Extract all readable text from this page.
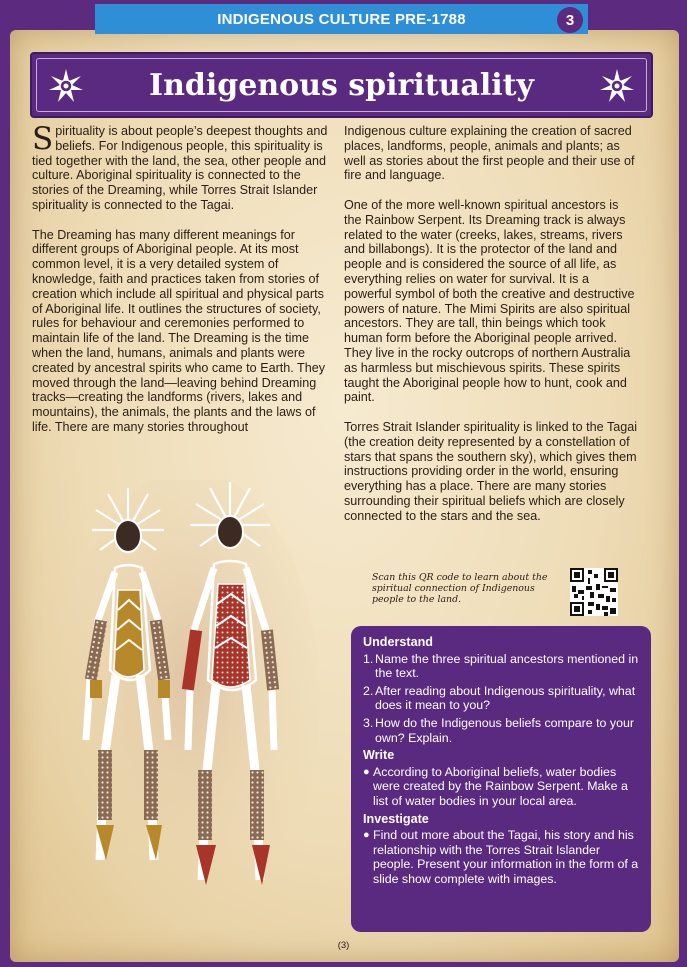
INDIGENOUS CULTURE PRE-1788	3
Indigenous spirituality

Spirituality is about people’s deepest thoughts and beliefs. For Indigenous people, this spirituality is tied together with the land, the sea, other people and culture. Aboriginal spirituality is connected to the stories of the Dreaming, while Torres Strait Islander spirituality is connected to the Tagai.

The Dreaming has many different meanings for different groups of Aboriginal people. At its most common level, it is a very detailed system of knowledge, faith and practices taken from stories of creation which include all spiritual and physical parts of Aboriginal life. It outlines the structures of society, rules for behaviour and ceremonies performed to maintain life of the land. The Dreaming is the time when the land, humans, animals and plants were created by ancestral spirits who came to Earth. They moved through the land—leaving behind Dreaming tracks—creating the landforms (rivers, lakes and mountains), the animals, the plants and the laws of life. There are many stories throughout

Indigenous culture explaining the creation of sacred places, landforms, people, animals and plants; as well as stories about the first people and their use of fire and language.

One of the more well-known spiritual ancestors is the Rainbow Serpent. Its Dreaming track is always related to the water (creeks, lakes, streams, rivers and billabongs). It is the protector of the land and people and is considered the source of all life, as everything relies on water for survival. It is a powerful symbol of both the creative and destructive powers of nature. The Mimi Spirits are also spiritual ancestors. They are tall, thin beings which took human form before the Aboriginal people arrived. They live in the rocky outcrops of northern Australia as harmless but mischievous spirits. These spirits taught the Aboriginal people how to hunt, cook and paint.

Torres Strait Islander spirituality is linked to the Tagai (the creation deity represented by a constellation of stars that spans the southern sky), which gives them instructions providing order in the world, ensuring everything has a place. There are many stories surrounding their spiritual beliefs which are closely connected to the stars and the sea.

Scan this QR code to learn about the spiritual connection of Indigenous people to the land.
Understand
1. Name the three spiritual ancestors mentioned in the text.
2. After reading about Indigenous spirituality, what does it mean to you?
3. How do the Indigenous beliefs compare to your own? Explain.
Write
● According to Aboriginal beliefs, water bodies were created by the Rainbow Serpent. Make a list of water bodies in your local area.
Investigate
● Find out more about the Tagai, his story and his relationship with the Torres Strait Islander people. Present your information in the form of a slide show complete with images.
(3)
